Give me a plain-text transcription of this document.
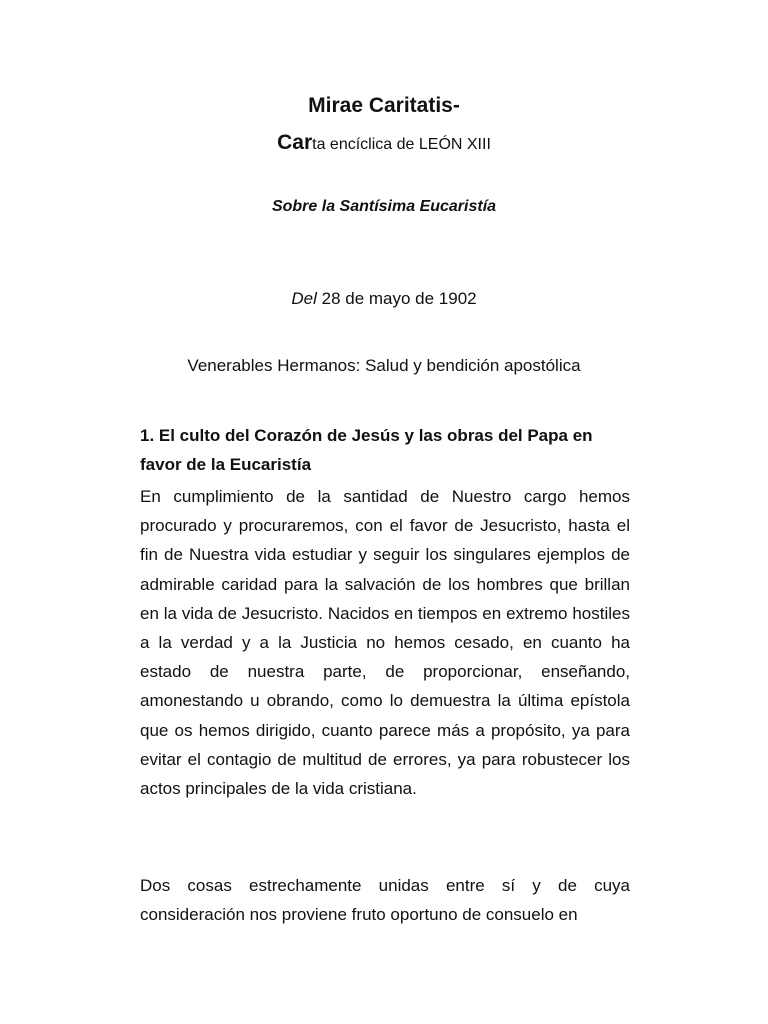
Mirae Caritatis-
Carta encíclica de LEÓN XIII
Sobre la Santísima Eucaristía
Del 28 de mayo de 1902
Venerables Hermanos: Salud y bendición apostólica
1. El culto del Corazón de Jesús y las obras del Papa en favor de la Eucaristía

En cumplimiento de la santidad de Nuestro cargo hemos procurado y procuraremos, con el favor de Jesucristo, hasta el fin de Nuestra vida estudiar y seguir los singulares ejemplos de admirable caridad para la salvación de los hombres que brillan en la vida de Jesucristo. Nacidos en tiempos en extremo hostiles a la verdad y a la Justicia no hemos cesado, en cuanto ha estado de nuestra parte, de proporcionar, enseñando, amonestando u obrando, como lo demuestra la última epístola que os hemos dirigido, cuanto parece más a propósito, ya para evitar el contagio de multitud de errores, ya para robustecer los actos principales de la vida cristiana.

Dos cosas estrechamente unidas entre sí y de cuya consideración nos proviene fruto oportuno de consuelo en
